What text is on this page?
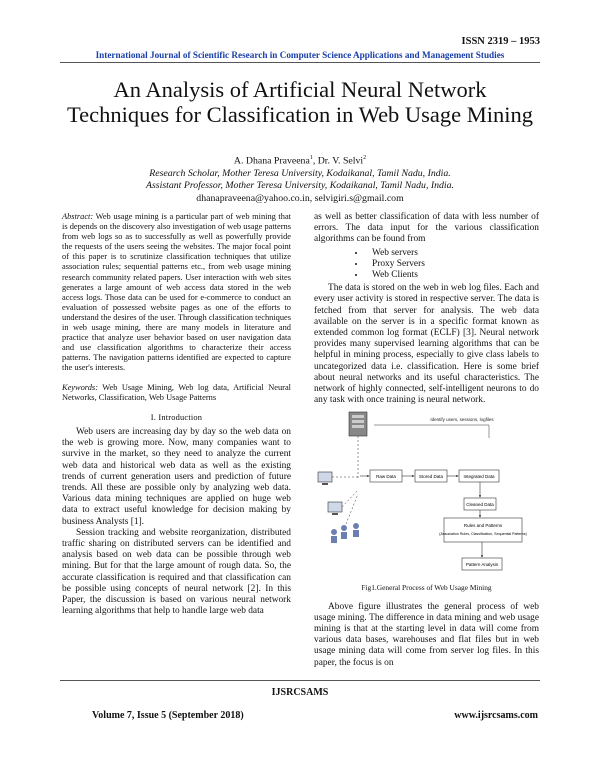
ISSN 2319 – 1953
International Journal of Scientific Research in Computer Science Applications and Management Studies
An Analysis of Artificial Neural Network Techniques for Classification in Web Usage Mining
A. Dhana Praveena$^1$, Dr. V. Selvi$^2$
Research Scholar, Mother Teresa University, Kodaikanal, Tamil Nadu, India.
Assistant Professor, Mother Teresa University, Kodaikanal, Tamil Nadu, India.
dhanapraveena@yahoo.co.in, selvigiri.s@gmail.com
Abstract: Web usage mining is a particular part of web mining that is depends on the discovery also investigation of web usage patterns from web logs so as to successfully as well as powerfully provide the requests of the users seeing the websites. The major focal point of this paper is to scrutinize classification techniques that utilize association rules; sequential patterns etc., from web usage mining research community related papers. User interaction with web sites generates a large amount of web access data stored in the web access logs. Those data can be used for e-commerce to conduct an evaluation of possessed website pages as one of the efforts to understand the desires of the user. Through classification techniques in web usage mining, there are many models in literature and practice that analyze user behavior based on user navigation data and use classification algorithms to characterize their access patterns. The navigation patterns identified are expected to capture the user's interests.
Keywords: Web Usage Mining, Web log data, Artificial Neural Networks, Classification, Web Usage Patterns
I. Introduction

Web users are increasing day by day so the web data on the web is growing more. Now, many companies want to survive in the market, so they need to analyze the current web data and historical web data as well as the existing trends of current generation users and prediction of future trends. All these are possible only by analyzing web data. Various data mining techniques are applied on huge web data to extract useful knowledge for decision making by business Analysts [1].

Session tracking and website reorganization, distributed traffic sharing on distributed servers can be identified and analysis based on web data can be possible through web mining. But for that the large amount of rough data. So, the accurate classification is required and that classification can be possible using concepts of neural network [2]. In this Paper, the discussion is based on various neural network learning algorithms that help to handle large web data

as well as better classification of data with less number of errors. The data input for the various classification algorithms can be found from

• Web servers
• Proxy Servers
• Web Clients

The data is stored on the web in web log files. Each and every user activity is stored in respective server. The data is fetched from that server for analysis. The web data available on the server is in a specific format known as extended common log format (ECLF) [3]. Neural network provides many supervised learning algorithms that can be helpful in mining process, especially to give class labels to uncategorized data i.e. classification. Here is some brief about neural networks and its useful characteristics. The network of highly connected, self-intelligent neurons to do any task with once training is neural network.

Identify users, sessions, logfiles
Raw Data	Stored Data	Integrated Data
Cleaned Data
Rules and Patterns
(Association Rules, Classification, Sequential Patterns)
Pattern Analysis
Fig1.General Process of Web Usage Mining

Above figure illustrates the general process of web usage mining. The difference in data mining and web usage mining is that at the starting level in data will come from various data bases, warehouses and flat files but in web usage mining data will come from server log files. In this paper, the focus is on

IJSRCSAMS
Volume 7, Issue 5 (September 2018)	www.ijsrcsams.com
